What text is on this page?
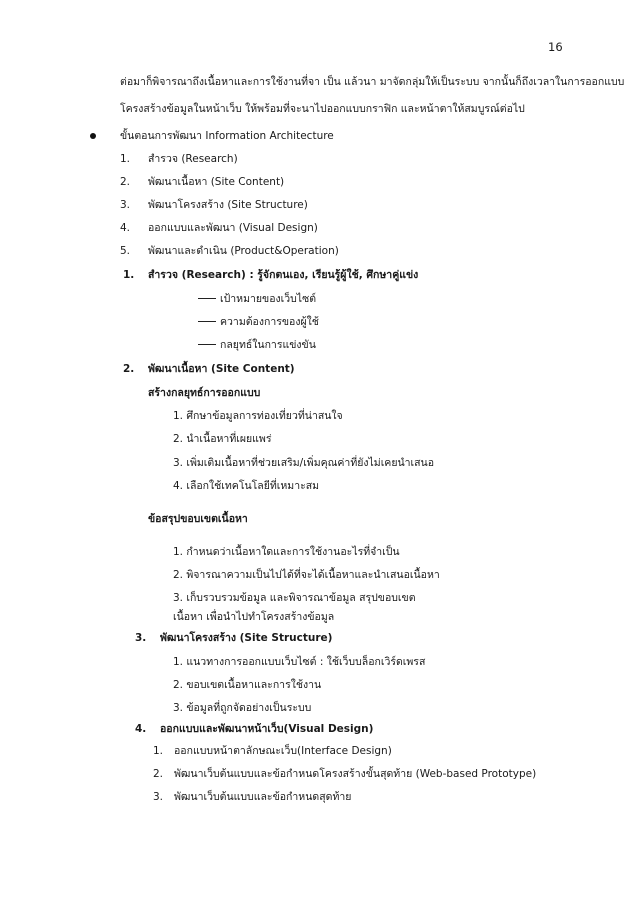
16
ต่อมาก็พิจารณาถึงเนื้อหาและการใช้งานที่จา เป็น แล้วนา มาจัดกลุ่มให้เป็นระบบ จากนั้นก็ถึงเวลาในการออกแบบ
โครงสร้างข้อมูลในหน้าเว็บ ให้พร้อมที่จะนาไปออกแบบกราฟิก และหน้าตาให้สมบูรณ์ต่อไป
ขั้นตอนการพัฒนา Information Architecture
1. สำรวจ (Research)
2. พัฒนาเนื้อหา (Site Content)
3. พัฒนาโครงสร้าง (Site Structure)
4. ออกแบบและพัฒนา (Visual Design)
5. พัฒนาและดำเนิน (Product&Operation)
1. สำรวจ (Research) : รู้จักตนเอง, เรียนรู้ผู้ใช้, ศึกษาคู่แข่ง
เป้าหมายของเว็บไซต์
ความต้องการของผู้ใช้
กลยุทธ์ในการแข่งขัน
2. พัฒนาเนื้อหา (Site Content)
สร้างกลยุทธ์การออกแบบ
1. ศึกษาข้อมูลการท่องเที่ยวที่น่าสนใจ
2. นำเนื้อหาที่เผยแพร่
3. เพิ่มเติมเนื้อหาที่ช่วยเสริม/เพิ่มคุณค่าที่ยังไม่เคยนำเสนอ
4. เลือกใช้เทคโนโลยีที่เหมาะสม
ข้อสรุปขอบเขตเนื้อหา
1. กำหนดว่าเนื้อหาใดและการใช้งานอะไรที่จำเป็น
2. พิจารณาความเป็นไปได้ที่จะได้เนื้อหาและนำเสนอเนื้อหา
3. เก็บรวบรวมข้อมูล และพิจารณาข้อมูล สรุปขอบเขต
เนื้อหา เพื่อนำไปทำโครงสร้างข้อมูล
3. พัฒนาโครงสร้าง (Site Structure)
1. แนวทางการออกแบบเว็บไซต์ : ใช้เว็บบล็อกเวิร์ดเพรส
2. ขอบเขตเนื้อหาและการใช้งาน
3. ข้อมูลที่ถูกจัดอย่างเป็นระบบ
4. ออกแบบและพัฒนาหน้าเว็บ(Visual Design)
1. ออกแบบหน้าตาลักษณะเว็บ(Interface Design)
2. พัฒนาเว็บต้นแบบและข้อกำหนดโครงสร้างขั้นสุดท้าย (Web-based Prototype)
3. พัฒนาเว็บต้นแบบและข้อกำหนดสุดท้าย
